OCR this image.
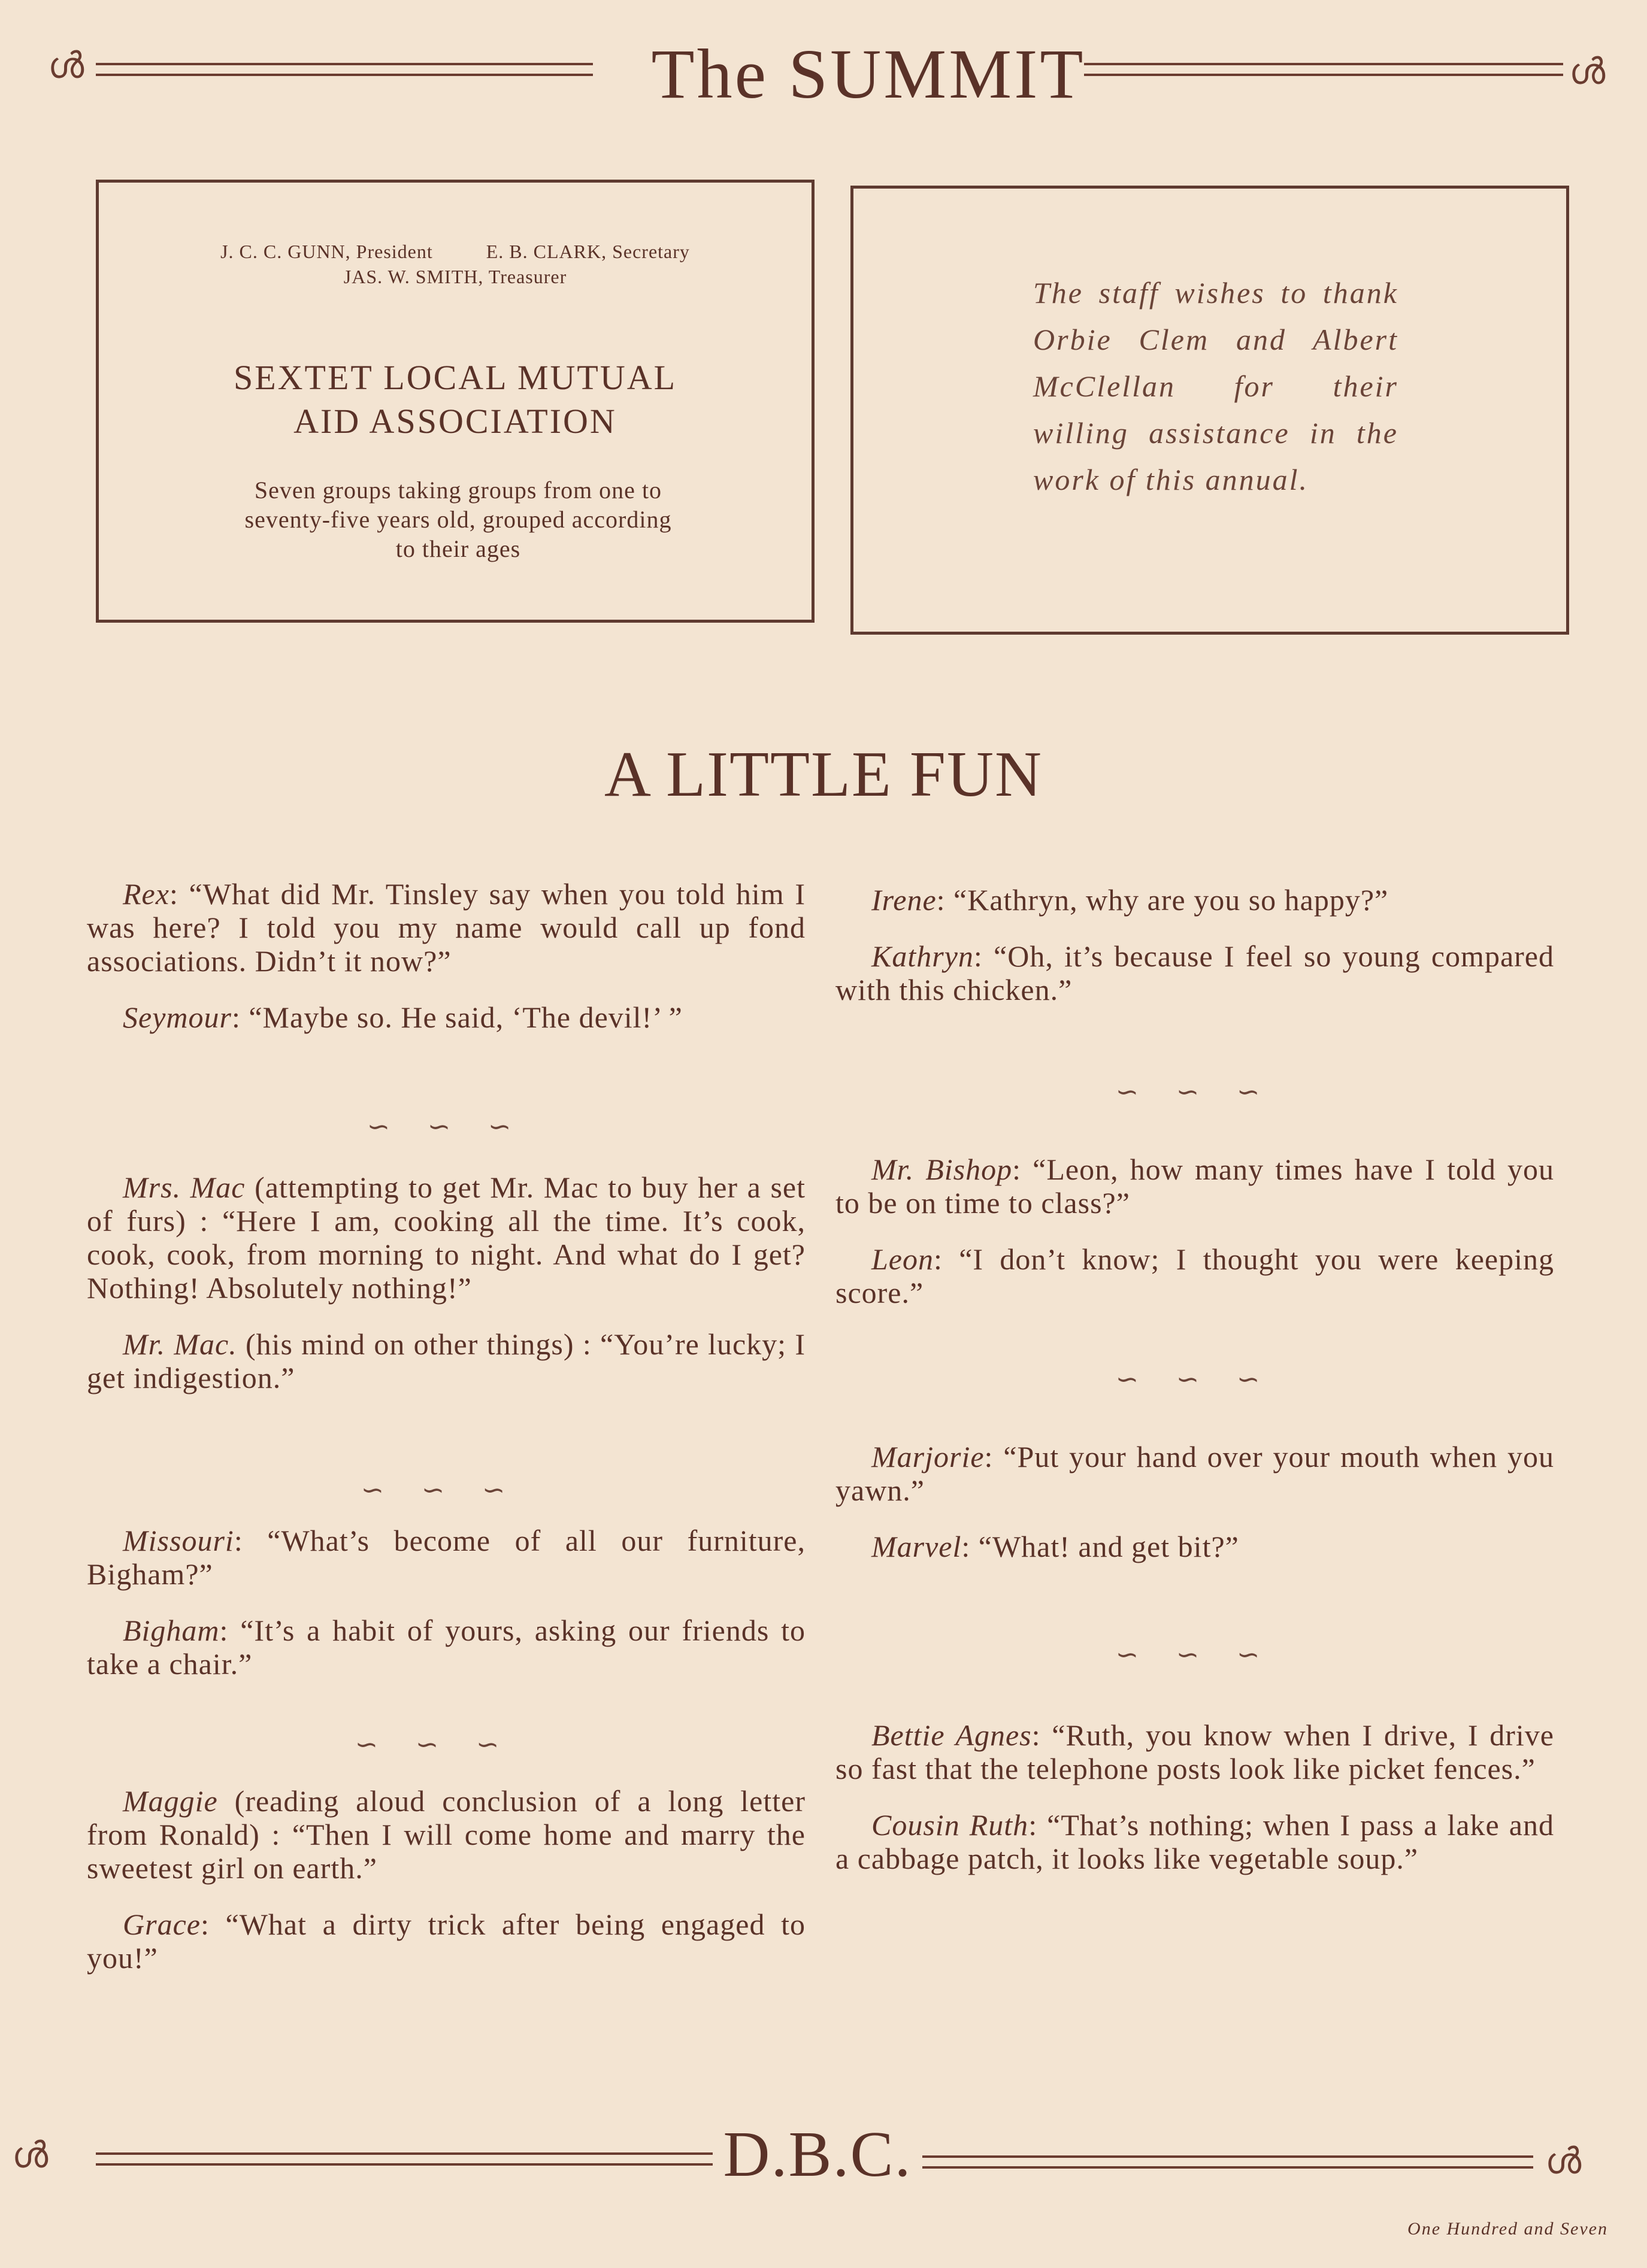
ൾ	The SUMMIT	ൾ
J. C. C. GUNN, President	E. B. CLARK, Secretary
JAS. W. SMITH, Treasurer
SEXTET LOCAL MUTUAL
AID ASSOCIATION
Seven groups taking groups from one to
seventy-five years old, grouped according
to their ages
The staff wishes to thank Orbie Clem and Albert McClellan for their willing assistance in the work of this annual.
A LITTLE FUN

Rex: “What did Mr. Tinsley say when you told him I was here? I told you my name would call up fond associations. Didn’t it now?”

Seymour: “Maybe so. He said, ‘The devil!’ ”

∽ ∽ ∽

Mrs. Mac (attempting to get Mr. Mac to buy her a set of furs) : “Here I am, cooking all the time. It’s cook, cook, cook, from morning to night. And what do I get? Nothing! Absolutely nothing!”

Mr. Mac. (his mind on other things) : “You’re lucky; I get indigestion.”

∽ ∽ ∽

Missouri: “What’s become of all our furniture, Bigham?”

Bigham: “It’s a habit of yours, asking our friends to take a chair.”

∽ ∽ ∽

Maggie (reading aloud conclusion of a long letter from Ronald) : “Then I will come home and marry the sweetest girl on earth.”

Grace: “What a dirty trick after being engaged to you!”

Irene: “Kathryn, why are you so happy?”

Kathryn: “Oh, it’s because I feel so young compared with this chicken.”

∽ ∽ ∽

Mr. Bishop: “Leon, how many times have I told you to be on time to class?”

Leon: “I don’t know; I thought you were keeping score.”

∽ ∽ ∽

Marjorie: “Put your hand over your mouth when you yawn.”

Marvel: “What! and get bit?”

∽ ∽ ∽

Bettie Agnes: “Ruth, you know when I drive, I drive so fast that the telephone posts look like picket fences.”

Cousin Ruth: “That’s nothing; when I pass a lake and a cabbage patch, it looks like vegetable soup.”

ൾ	D.B.C.	ൾ
One Hundred and Seven
